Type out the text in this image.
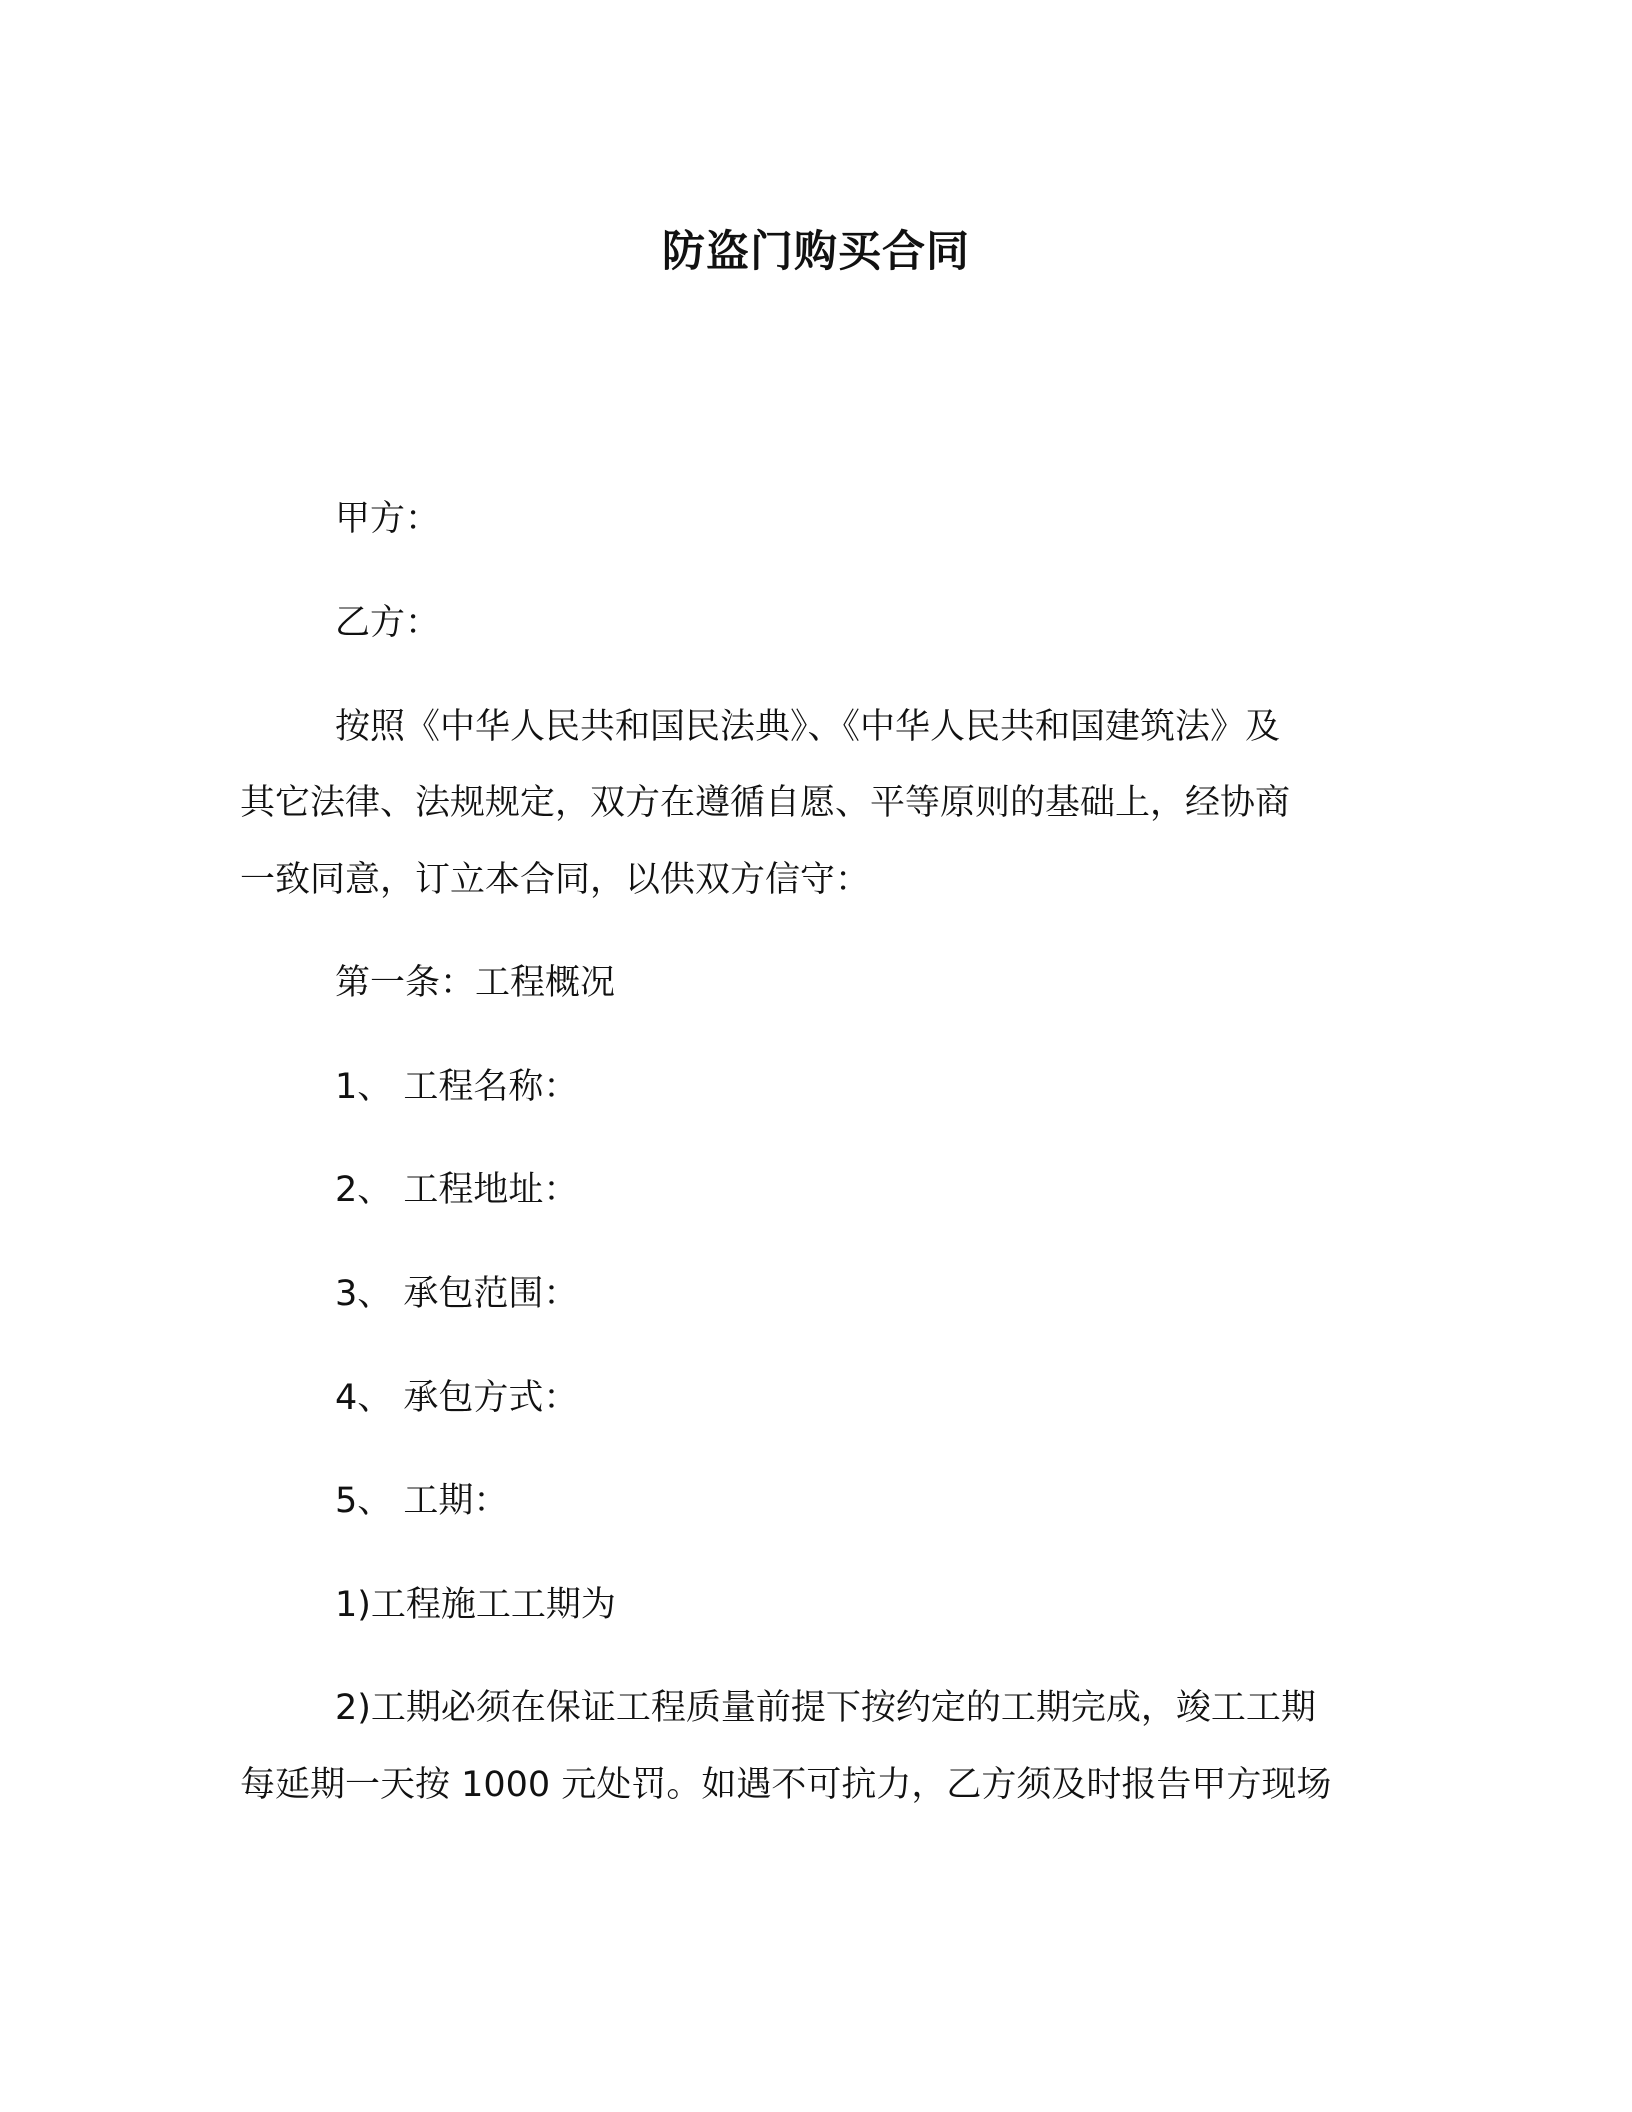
防盗门购买合同

甲方：

乙方：

按照《中华人民共和国民法典》、《中华人民共和国建筑法》及

其它法律、法规规定，双方在遵循自愿、平等原则的基础上，经协商

一致同意，订立本合同，以供双方信守：

第一条：工程概况

1、 工程名称：

2、 工程地址：

3、 承包范围：

4、 承包方式：

5、 工期：

1)工程施工工期为

2)工期必须在保证工程质量前提下按约定的工期完成，竣工工期

每延期一天按 1000 元处罚。如遇不可抗力，乙方须及时报告甲方现场
